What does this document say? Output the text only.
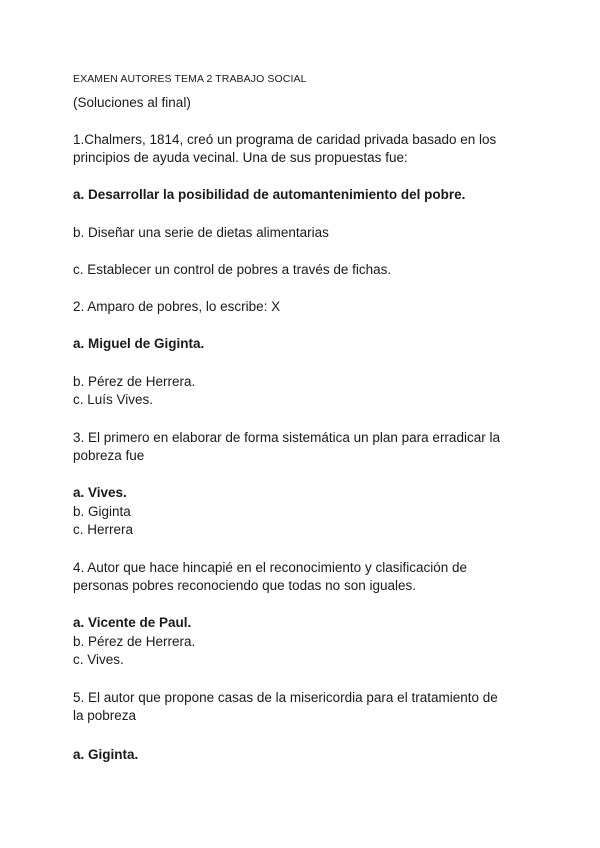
EXAMEN AUTORES TEMA 2 TRABAJO SOCIAL
(Soluciones al final)
1.Chalmers, 1814, creó un programa de caridad privada basado en los
principios de ayuda vecinal. Una de sus propuestas fue:
a. Desarrollar la posibilidad de automantenimiento del pobre.
b. Diseñar una serie de dietas alimentarias
c. Establecer un control de pobres a través de fichas.
2. Amparo de pobres, lo escribe: X
a. Miguel de Giginta.
b. Pérez de Herrera.
c. Luís Vives.
3. El primero en elaborar de forma sistemática un plan para erradicar la
pobreza fue
a. Vives.
b. Giginta
c. Herrera
4. Autor que hace hincapié en el reconocimiento y clasificación de
personas pobres reconociendo que todas no son iguales.
a. Vicente de Paul.
b. Pérez de Herrera.
c. Vives.
5. El autor que propone casas de la misericordia para el tratamiento de
la pobreza
a. Giginta.
